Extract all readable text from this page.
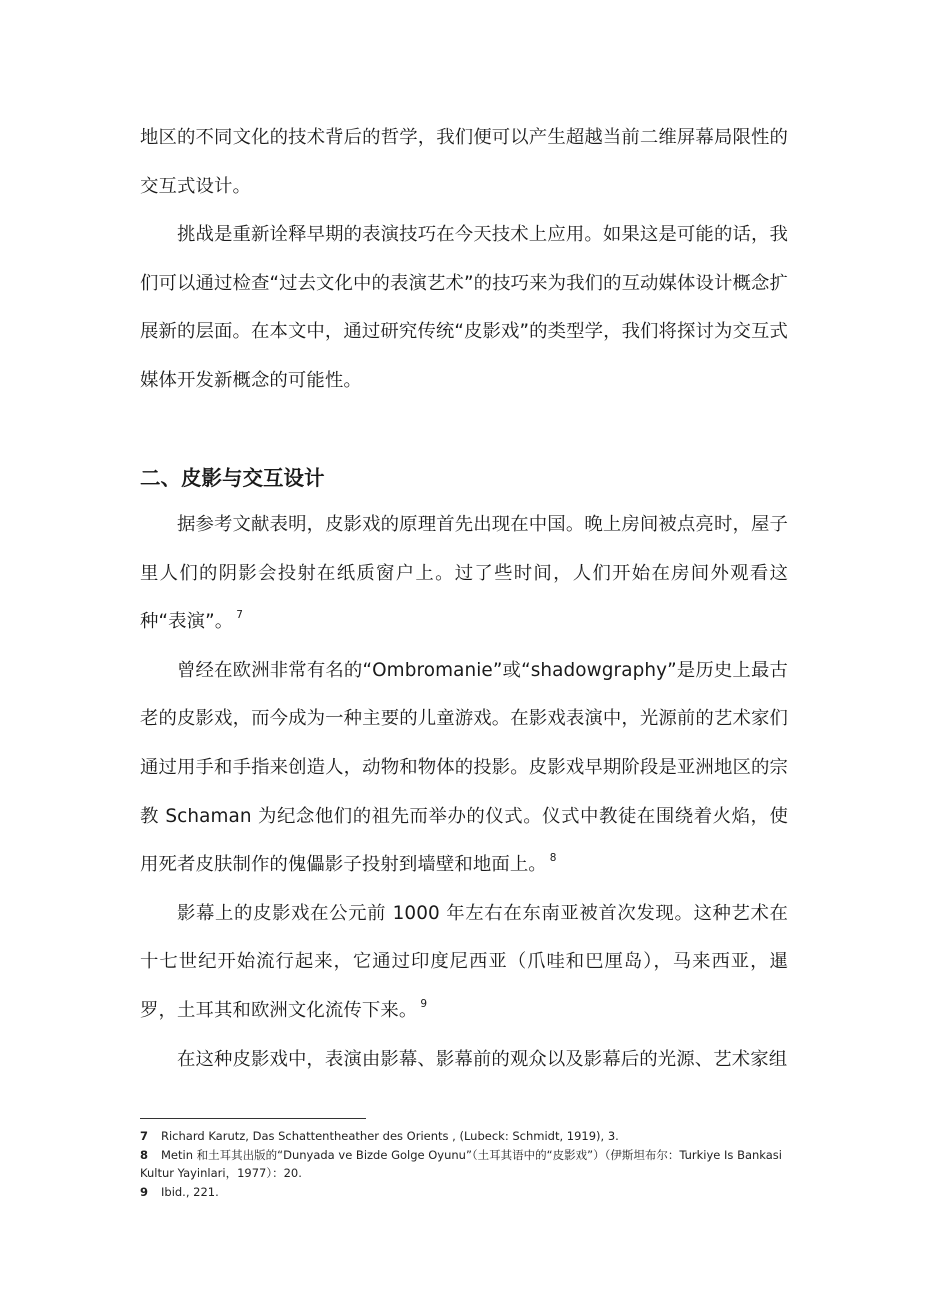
地区的不同文化的技术背后的哲学，我们便可以产生超越当前二维屏幕局限性的交互式设计。

挑战是重新诠释早期的表演技巧在今天技术上应用。如果这是可能的话，我们可以通过检查“过去文化中的表演艺术”的技巧来为我们的互动媒体设计概念扩展新的层面。在本文中，通过研究传统“皮影戏”的类型学，我们将探讨为交互式媒体开发新概念的可能性。

二、皮影与交互设计

据参考文献表明，皮影戏的原理首先出现在中国。晚上房间被点亮时，屋子里人们的阴影会投射在纸质窗户上。过了些时间，人们开始在房间外观看这种“表演”。 $^7$

曾经在欧洲非常有名的“Ombromanie”或“shadowgraphy”是历史上最古老的皮影戏，而今成为一种主要的儿童游戏。在影戏表演中，光源前的艺术家们通过用手和手指来创造人，动物和物体的投影。皮影戏早期阶段是亚洲地区的宗教 Schaman 为纪念他们的祖先而举办的仪式。仪式中教徒在围绕着火焰，使用死者皮肤制作的傀儡影子投射到墙壁和地面上。 $^8$

影幕上的皮影戏在公元前 1000 年左右在东南亚被首次发现。这种艺术在十七世纪开始流行起来，它通过印度尼西亚（爪哇和巴厘岛），马来西亚，暹罗，土耳其和欧洲文化流传下来。 $^9$

在这种皮影戏中，表演由影幕、影幕前的观众以及影幕后的光源、艺术家组

7 Richard Karutz, Das Schattentheather des Orients , (Lubeck: Schmidt, 1919), 3.

8 Metin 和土耳其出版的“Dunyada ve Bizde Golge Oyunu”（土耳其语中的“皮影戏”）（伊斯坦布尔：Turkiye Is Bankasi Kultur Yayinlari，1977）：20.

9 Ibid., 221.
